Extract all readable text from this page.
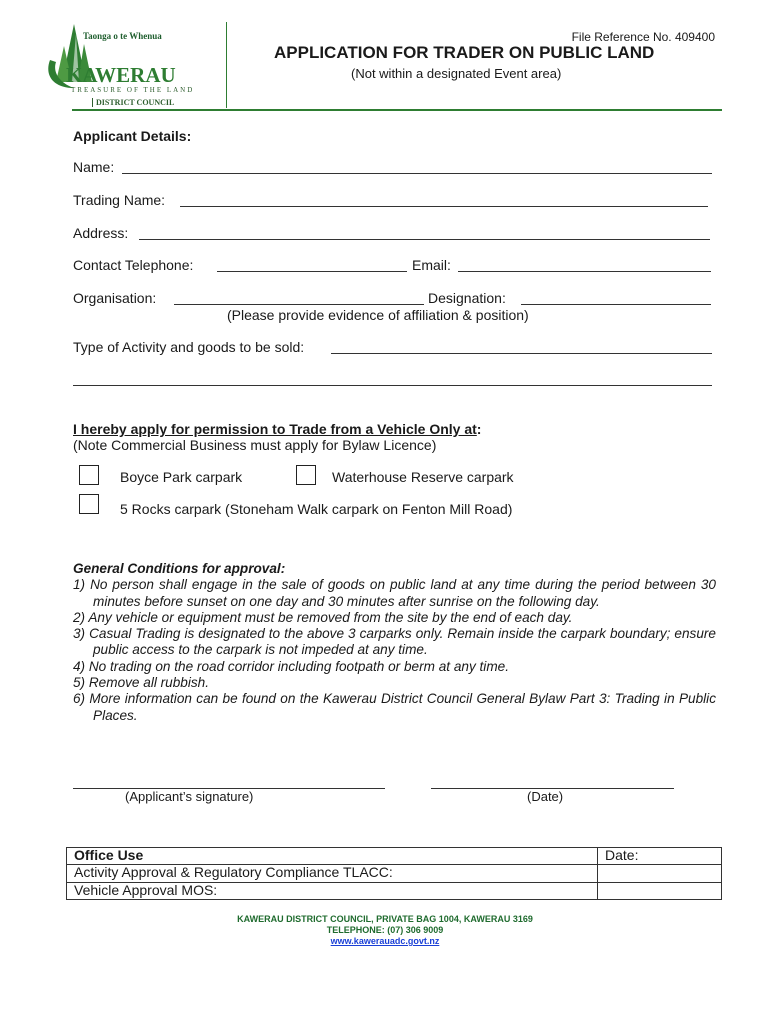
Taonga o te Whenua
KAWERAU
TREASURE OF THE LAND
DISTRICT COUNCIL
File Reference No. 409400
APPLICATION FOR TRADER ON PUBLIC LAND
(Not within a designated Event area)
Applicant Details:
Name:
Trading Name:
Address:
Contact Telephone:	Email:
Organisation:	Designation:
(Please provide evidence of affiliation & position)
Type of Activity and goods to be sold:
I hereby apply for permission to Trade from a Vehicle Only at:
(Note Commercial Business must apply for Bylaw Licence)
Boyce Park carpark	Waterhouse Reserve carpark
5 Rocks carpark (Stoneham Walk carpark on Fenton Mill Road)
General Conditions for approval:
1) No person shall engage in the sale of goods on public land at any time during the period between 30 minutes before sunset on one day and 30 minutes after sunrise on the following day.
2) Any vehicle or equipment must be removed from the site by the end of each day.
3) Casual Trading is designated to the above 3 carparks only. Remain inside the carpark boundary; ensure public access to the carpark is not impeded at any time.
4) No trading on the road corridor including footpath or berm at any time.
5) Remove all rubbish.
6) More information can be found on the Kawerau District Council General Bylaw Part 3: Trading in Public Places.
(Applicant’s signature)	(Date)
Office Use	Date:
Activity Approval & Regulatory Compliance TLACC:	
Vehicle Approval MOS:	
KAWERAU DISTRICT COUNCIL, PRIVATE BAG 1004, KAWERAU 3169
TELEPHONE: (07) 306 9009
www.kawerauadc.govt.nz
